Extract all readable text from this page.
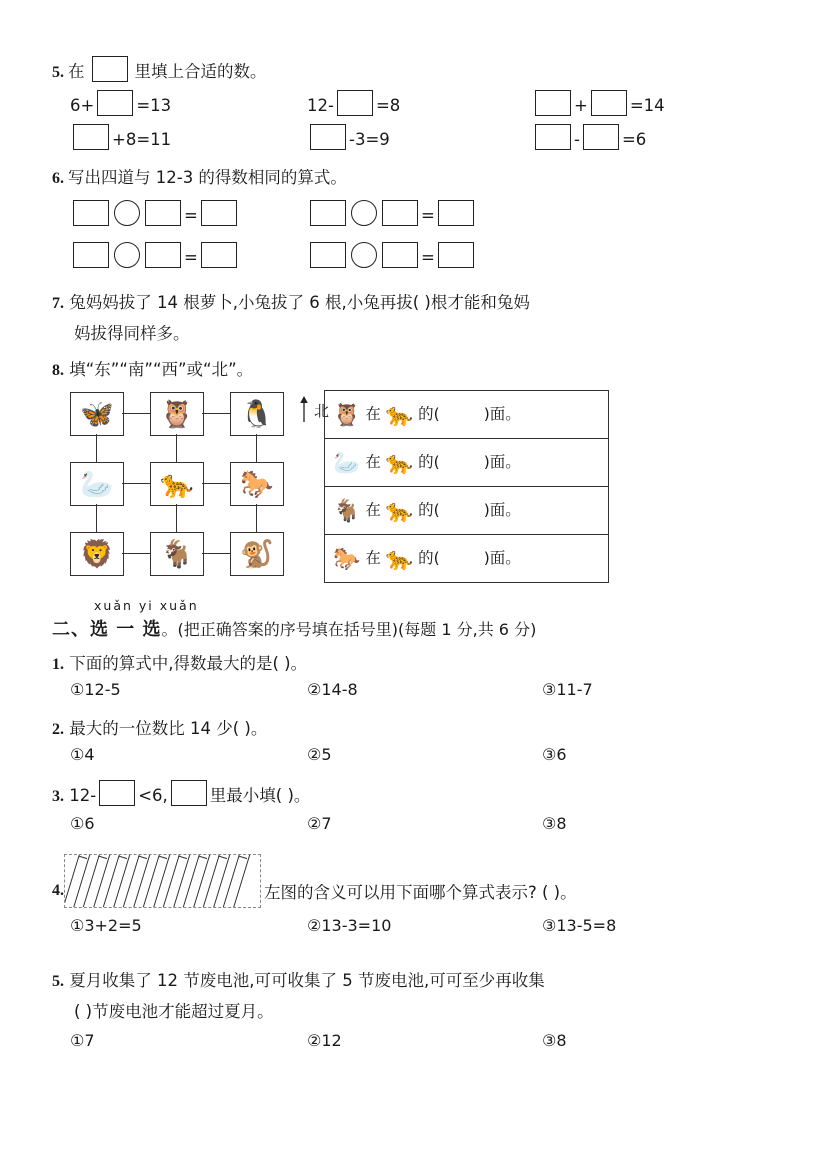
5. 在	里填上合适的数。
6+	=13	12-	=8	+	=14
+8=11	-3=9	-	=6
6. 写出四道与 12-3 的得数相同的算式。
=	=
=	=
7. 兔妈妈拔了 14 根萝卜,小兔拔了 6 根,小兔再拔( )根才能和兔妈
妈拔得同样多。
8. 填“东”“南”“西”或“北”。
🦋	🦉	🐧
🦢	🐆	🐎
🦁	🐐	🐒
北 🦉 在 🐆 的(	)面。
🦢 在 🐆 的(	)面。
🐐 在 🐆 的(	)面。
🐎 在 🐆 的(	)面。
xuǎn yi xuǎn
二、选 一 选。(把正确答案的序号填在括号里)(每题 1 分,共 6 分)
1. 下面的算式中,得数最大的是( )。
①12-5	②14-8	③11-7
2. 最大的一位数比 14 少( )。
①4	②5	③6
3. 12-	<6,	里最小填( )。
①6	②7	③8
4.	左图的含义可以用下面哪个算式表示? ( )。
①3+2=5	②13-3=10	③13-5=8
5. 夏月收集了 12 节废电池,可可收集了 5 节废电池,可可至少再收集
( )节废电池才能超过夏月。
①7	②12	③8
